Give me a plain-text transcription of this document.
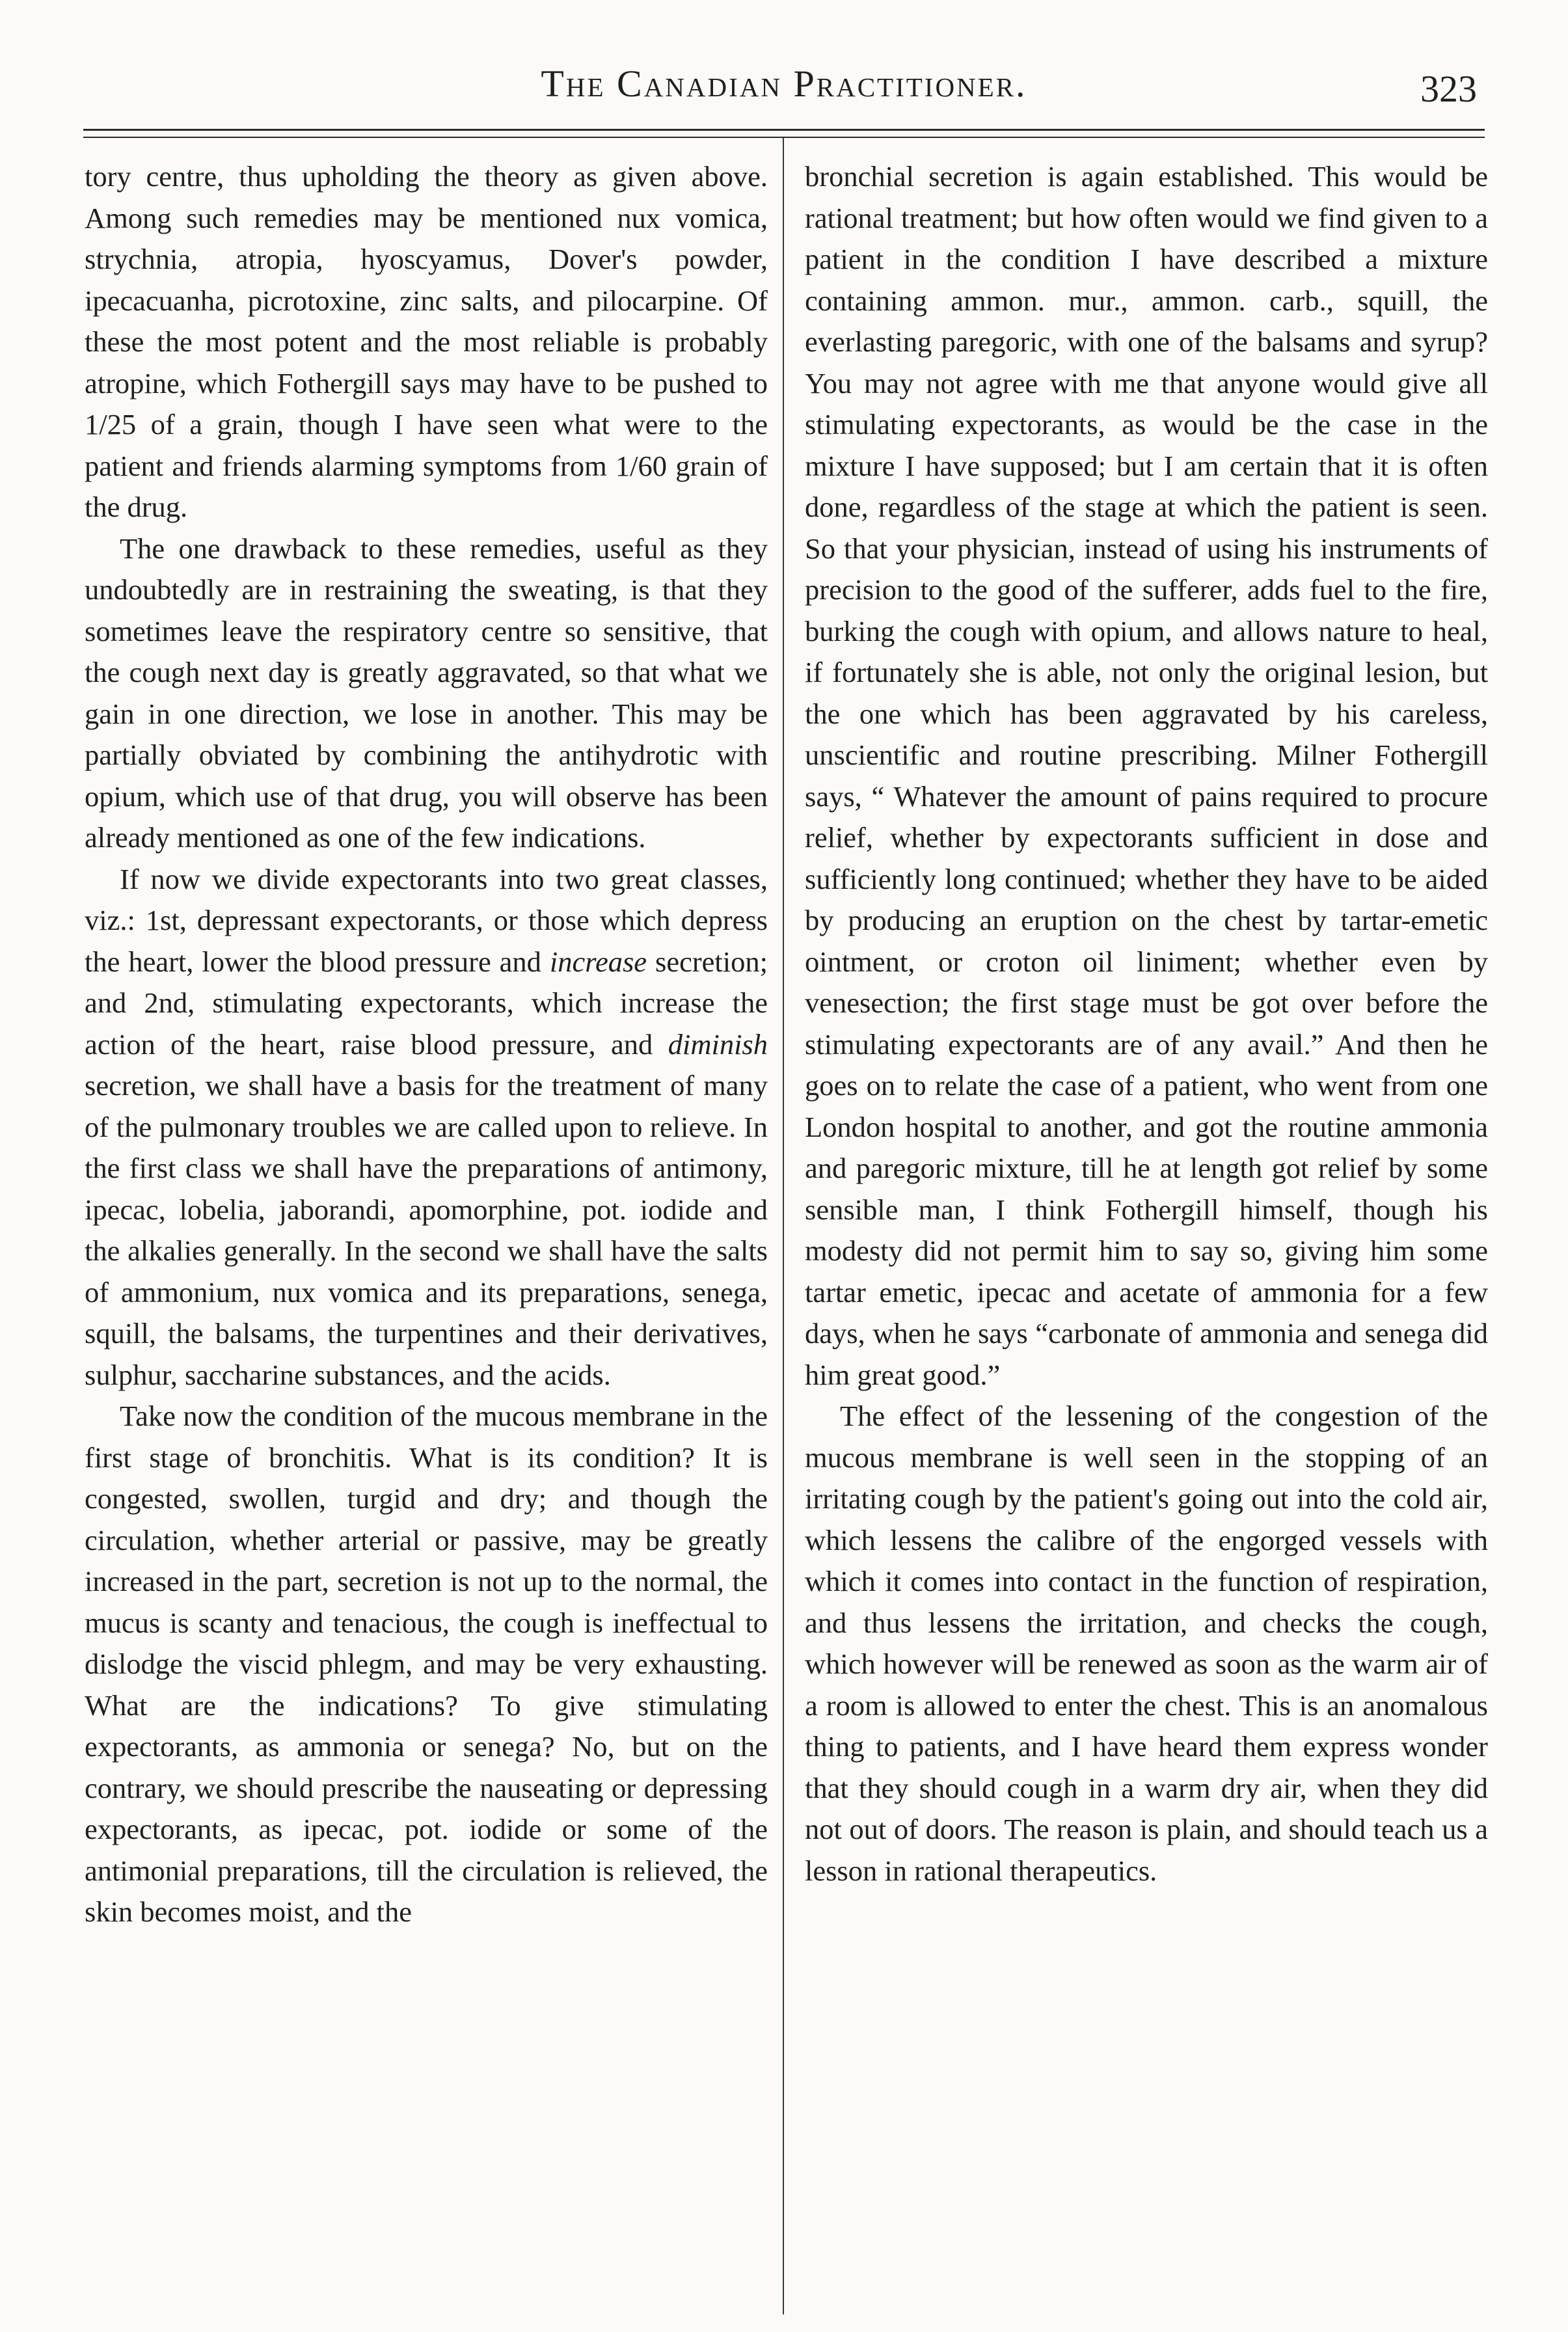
The Canadian Practitioner.	323

tory centre, thus upholding the theory as given above. Among such remedies may be mentioned nux vomica, strychnia, atropia, hyoscyamus, Dover's powder, ipecacuanha, picrotoxine, zinc salts, and pilocarpine. Of these the most potent and the most reliable is probably atropine, which Fothergill says may have to be pushed to 1/25 of a grain, though I have seen what were to the patient and friends alarming symptoms from 1/60 grain of the drug.

The one drawback to these remedies, useful as they undoubtedly are in restraining the sweating, is that they sometimes leave the respiratory centre so sensitive, that the cough next day is greatly aggravated, so that what we gain in one direction, we lose in another. This may be partially obviated by combining the antihydrotic with opium, which use of that drug, you will observe has been already mentioned as one of the few indications.

If now we divide expectorants into two great classes, viz.: 1st, depressant expectorants, or those which depress the heart, lower the blood pressure and increase secretion; and 2nd, stimulating expectorants, which increase the action of the heart, raise blood pressure, and diminish secretion, we shall have a basis for the treatment of many of the pulmonary troubles we are called upon to relieve. In the first class we shall have the preparations of antimony, ipecac, lobelia, jaborandi, apomorphine, pot. iodide and the alkalies generally. In the second we shall have the salts of ammonium, nux vomica and its preparations, senega, squill, the balsams, the turpentines and their derivatives, sulphur, saccharine substances, and the acids.

Take now the condition of the mucous membrane in the first stage of bronchitis. What is its condition? It is congested, swollen, turgid and dry; and though the circulation, whether arterial or passive, may be greatly increased in the part, secretion is not up to the normal, the mucus is scanty and tenacious, the cough is ineffectual to dislodge the viscid phlegm, and may be very exhausting. What are the indications? To give stimulating expectorants, as ammonia or senega? No, but on the contrary, we should prescribe the nauseating or depressing expectorants, as ipecac, pot. iodide or some of the antimonial preparations, till the circulation is relieved, the skin becomes moist, and the

bronchial secretion is again established. This would be rational treatment; but how often would we find given to a patient in the condition I have described a mixture containing ammon. mur., ammon. carb., squill, the everlasting paregoric, with one of the balsams and syrup? You may not agree with me that anyone would give all stimulating expectorants, as would be the case in the mixture I have supposed; but I am certain that it is often done, regardless of the stage at which the patient is seen. So that your physician, instead of using his instruments of precision to the good of the sufferer, adds fuel to the fire, burking the cough with opium, and allows nature to heal, if fortunately she is able, not only the original lesion, but the one which has been aggravated by his careless, unscientific and routine prescribing. Milner Fothergill says, “ Whatever the amount of pains required to procure relief, whether by expectorants sufficient in dose and sufficiently long continued; whether they have to be aided by producing an eruption on the chest by tartar-emetic ointment, or croton oil liniment; whether even by venesection; the first stage must be got over before the stimulating expectorants are of any avail.” And then he goes on to relate the case of a patient, who went from one London hospital to another, and got the routine ammonia and paregoric mixture, till he at length got relief by some sensible man, I think Fothergill himself, though his modesty did not permit him to say so, giving him some tartar emetic, ipecac and acetate of ammonia for a few days, when he says “carbonate of ammonia and senega did him great good.”

The effect of the lessening of the congestion of the mucous membrane is well seen in the stopping of an irritating cough by the patient's going out into the cold air, which lessens the calibre of the engorged vessels with which it comes into contact in the function of respiration, and thus lessens the irritation, and checks the cough, which however will be renewed as soon as the warm air of a room is allowed to enter the chest. This is an anomalous thing to patients, and I have heard them express wonder that they should cough in a warm dry air, when they did not out of doors. The reason is plain, and should teach us a lesson in rational therapeutics.
